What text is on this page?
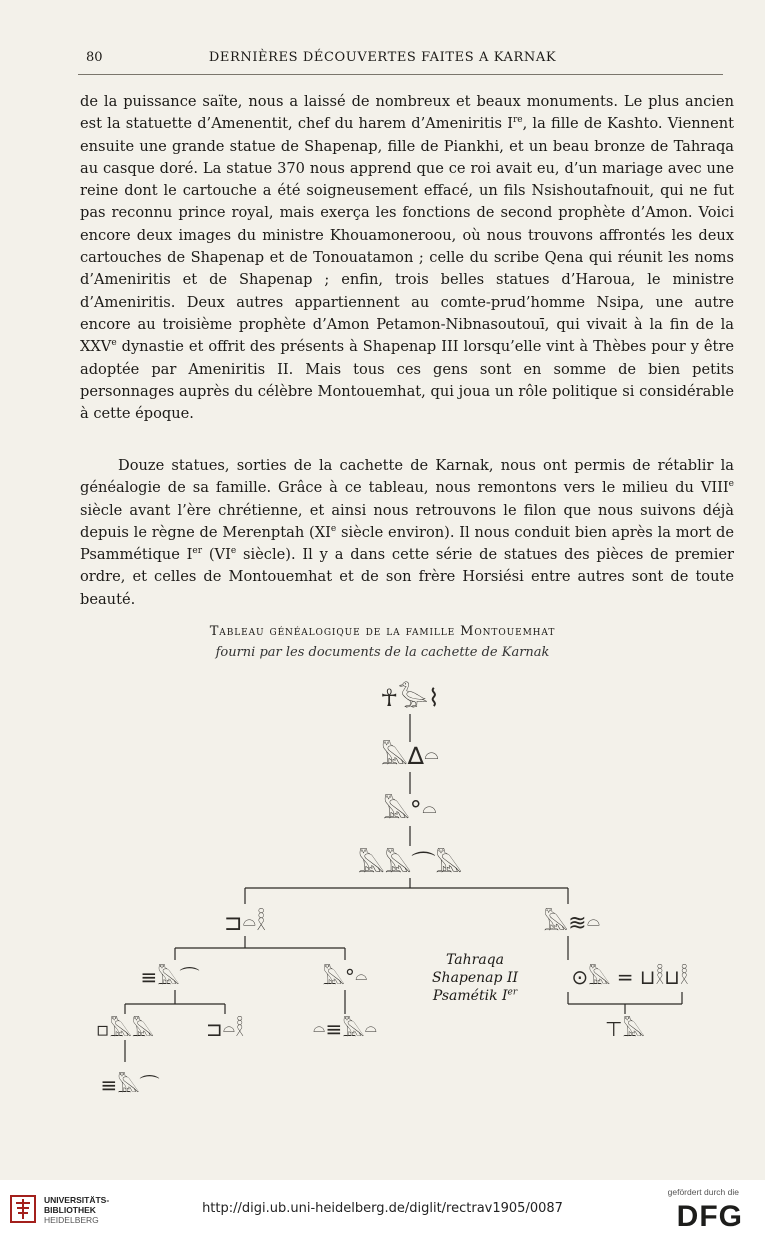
80	DERNIÈRES DÉCOUVERTES FAITES A KARNAK

de la puissance saïte, nous a laissé de nombreux et beaux monuments. Le plus ancien est la statuette d’Amenentit, chef du harem d’Ameniritis Ire, la fille de Kashto. Viennent ensuite une grande statue de Shapenap, fille de Piankhi, et un beau bronze de Tahraqa au casque doré. La statue 370 nous apprend que ce roi avait eu, d’un mariage avec une reine dont le cartouche a été soigneusement effacé, un fils Nsishoutafnouit, qui ne fut pas reconnu prince royal, mais exerça les fonctions de second prophète d’Amon. Voici encore deux images du ministre Khouamoneroou, où nous trouvons affrontés les deux cartouches de Shapenap et de Tonouatamon ; celle du scribe Qena qui réunit les noms d’Ameniritis et de Shapenap ; enfin, trois belles statues d’Haroua, le ministre d’Ameniritis. Deux autres appartiennent au comte-prud’homme Nsipa, une autre encore au troisième prophète d’Amon Petamon-Nibnasoutouī, qui vivait à la fin de la XXVe dynastie et offrit des présents à Shapenap III lorsqu’elle vint à Thèbes pour y être adoptée par Ameniritis II. Mais tous ces gens sont en somme de bien petits personnages auprès du célèbre Montouemhat, qui joua un rôle politique si considérable à cette époque.

Douze statues, sorties de la cachette de Karnak, nous ont permis de rétablir la généalogie de sa famille. Grâce à ce tableau, nous remontons vers le milieu du VIIIe siècle avant l’ère chrétienne, et ainsi nous retrouvons le filon que nous suivons déjà depuis le règne de Merenptah (XIe siècle environ). Il nous conduit bien après la mort de Psammétique Ier (VIe siècle). Il y a dans cette série de statues des pièces de premier ordre, et celles de Montouemhat et de son frère Horsiési entre autres sont de toute beauté.

Tableau généalogique de la famille Montouemhat
fourni par les documents de la cachette de Karnak
☥𓅭⌇
𓅓∆𓏏
𓅓°𓏏
𓅓𓅓⌒𓅓
⊐𓏏𓎛	𓅓≋𓏏
≡𓅓⌒	𓅓°𓏏	⊙𓅓 = ⊔𓎛⊔𓎛
▫𓅓𓅓	⊐𓏏𓎛	𓏏≡𓅓𓏏	⊤𓅓
≡𓅓⌒
Tahraqa
Shapenap II
Psamétik Ier
UNIVERSITÄTS-
BIBLIOTHEK
HEIDELBERG
http://digi.ub.uni-heidelberg.de/diglit/rectrav1905/0087
gefördert durch die
DFG
